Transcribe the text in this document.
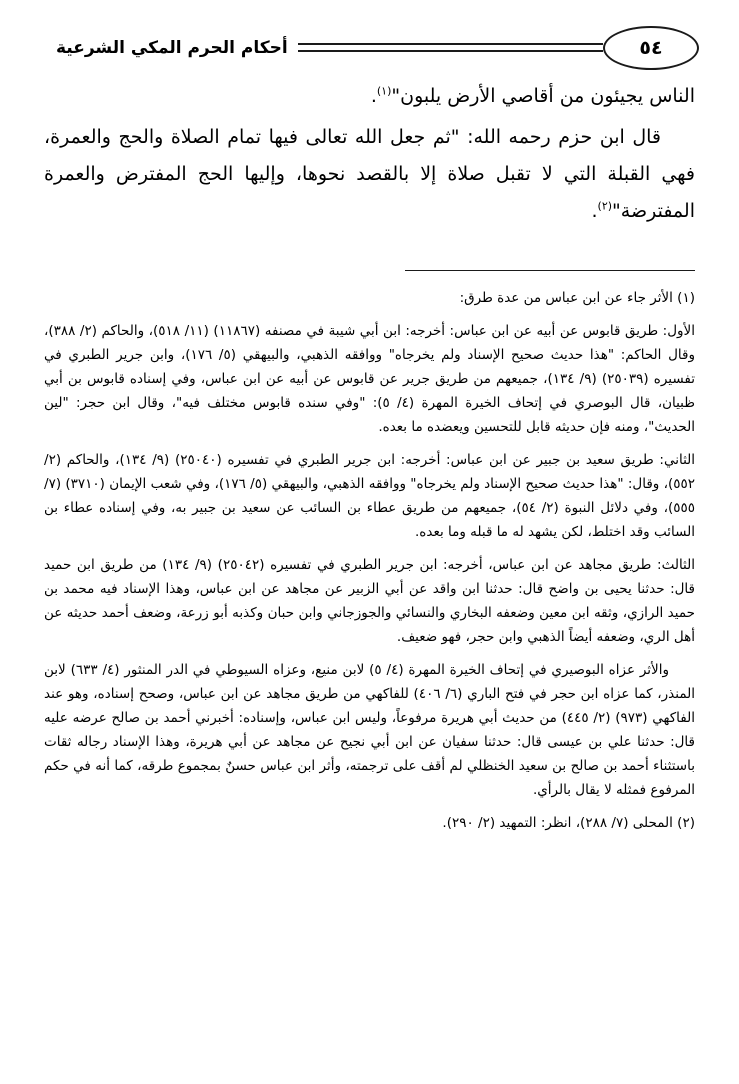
أحكام الحرم المكي الشرعية	٥٤
الناس يجيئون من أقاصي الأرض يلبون"$^{(١)}$.
قال ابن حزم رحمه الله: "ثم جعل الله تعالى فيها تمام الصلاة والحج والعمرة، فهي القبلة التي لا تقبل صلاة إلا بالقصد نحوها، وإليها الحج المفترض والعمرة المفترضة"$^{(٢)}$.
(١) الأثر جاء عن ابن عباس من عدة طرق:
الأول: طريق قابوس عن أبيه عن ابن عباس: أخرجه: ابن أبي شيبة في مصنفه (١١٨٦٧) (١١/ ٥١٨)، والحاكم (٢/ ٣٨٨)، وقال الحاكم: "هذا حديث صحيح الإسناد ولم يخرجاه" ووافقه الذهبي، والبيهقي (٥/ ١٧٦)، وابن جرير الطبري في تفسيره (٢٥٠٣٩) (٩/ ١٣٤)، جميعهم من طريق جرير عن قابوس عن أبيه عن ابن عباس، وفي إسناده قابوس بن أبي ظبيان، قال البوصري في إتحاف الخيرة المهرة (٤/ ٥): "وفي سنده قابوس مختلف فيه"، وقال ابن حجر: "لين الحديث"، ومنه فإن حديثه قابل للتحسين ويعضده ما بعده.
الثاني: طريق سعيد بن جبير عن ابن عباس: أخرجه: ابن جرير الطبري في تفسيره (٢٥٠٤٠) (٩/ ١٣٤)، والحاكم (٢/ ٥٥٢)، وقال: "هذا حديث صحيح الإسناد ولم يخرجاه" ووافقه الذهبي، والبيهقي (٥/ ١٧٦)، وفي شعب الإيمان (٣٧١٠) (٧/ ٥٥٥)، وفي دلائل النبوة (٢/ ٥٤)، جميعهم من طريق عطاء بن السائب عن سعيد بن جبير به، وفي إسناده عطاء بن السائب وقد اختلط، لكن يشهد له ما قبله وما بعده.
الثالث: طريق مجاهد عن ابن عباس، أخرجه: ابن جرير الطبري في تفسيره (٢٥٠٤٢) (٩/ ١٣٤) من طريق ابن حميد قال: حدثنا يحيى بن واضح قال: حدثنا ابن واقد عن أبي الزبير عن مجاهد عن ابن عباس، وهذا الإسناد فيه محمد بن حميد الرازي، وثقه ابن معين وضعفه البخاري والنسائي والجوزجاني وابن حبان وكذبه أبو زرعة، وضعف أحمد حديثه عن أهل الري، وضعفه أيضاً الذهبي وابن حجر، فهو ضعيف.
والأثر عزاه البوصيري في إتحاف الخيرة المهرة (٤/ ٥) لابن منيع، وعزاه السيوطي في الدر المنثور (٤/ ٦٣٣) لابن المنذر، كما عزاه ابن حجر في فتح الباري (٦/ ٤٠٦) للفاكهي من طريق مجاهد عن ابن عباس، وصحح إسناده، وهو عند الفاكهي (٩٧٣) (٢/ ٤٤٥) من حديث أبي هريرة مرفوعاً، وليس ابن عباس، وإسناده: أخبرني أحمد بن صالح عرضه عليه قال: حدثنا علي بن عيسى قال: حدثنا سفيان عن ابن أبي نجيح عن مجاهد عن أبي هريرة، وهذا الإسناد رجاله ثقات باستثناء أحمد بن صالح بن سعيد الخنظلي لم أقف على ترجمته، وأثر ابن عباس حسنٌ بمجموع طرقه، كما أنه في حكم المرفوع فمثله لا يقال بالرأي.
(٢) المحلى (٧/ ٢٨٨)، انظر: التمهيد (٢/ ٢٩٠).
